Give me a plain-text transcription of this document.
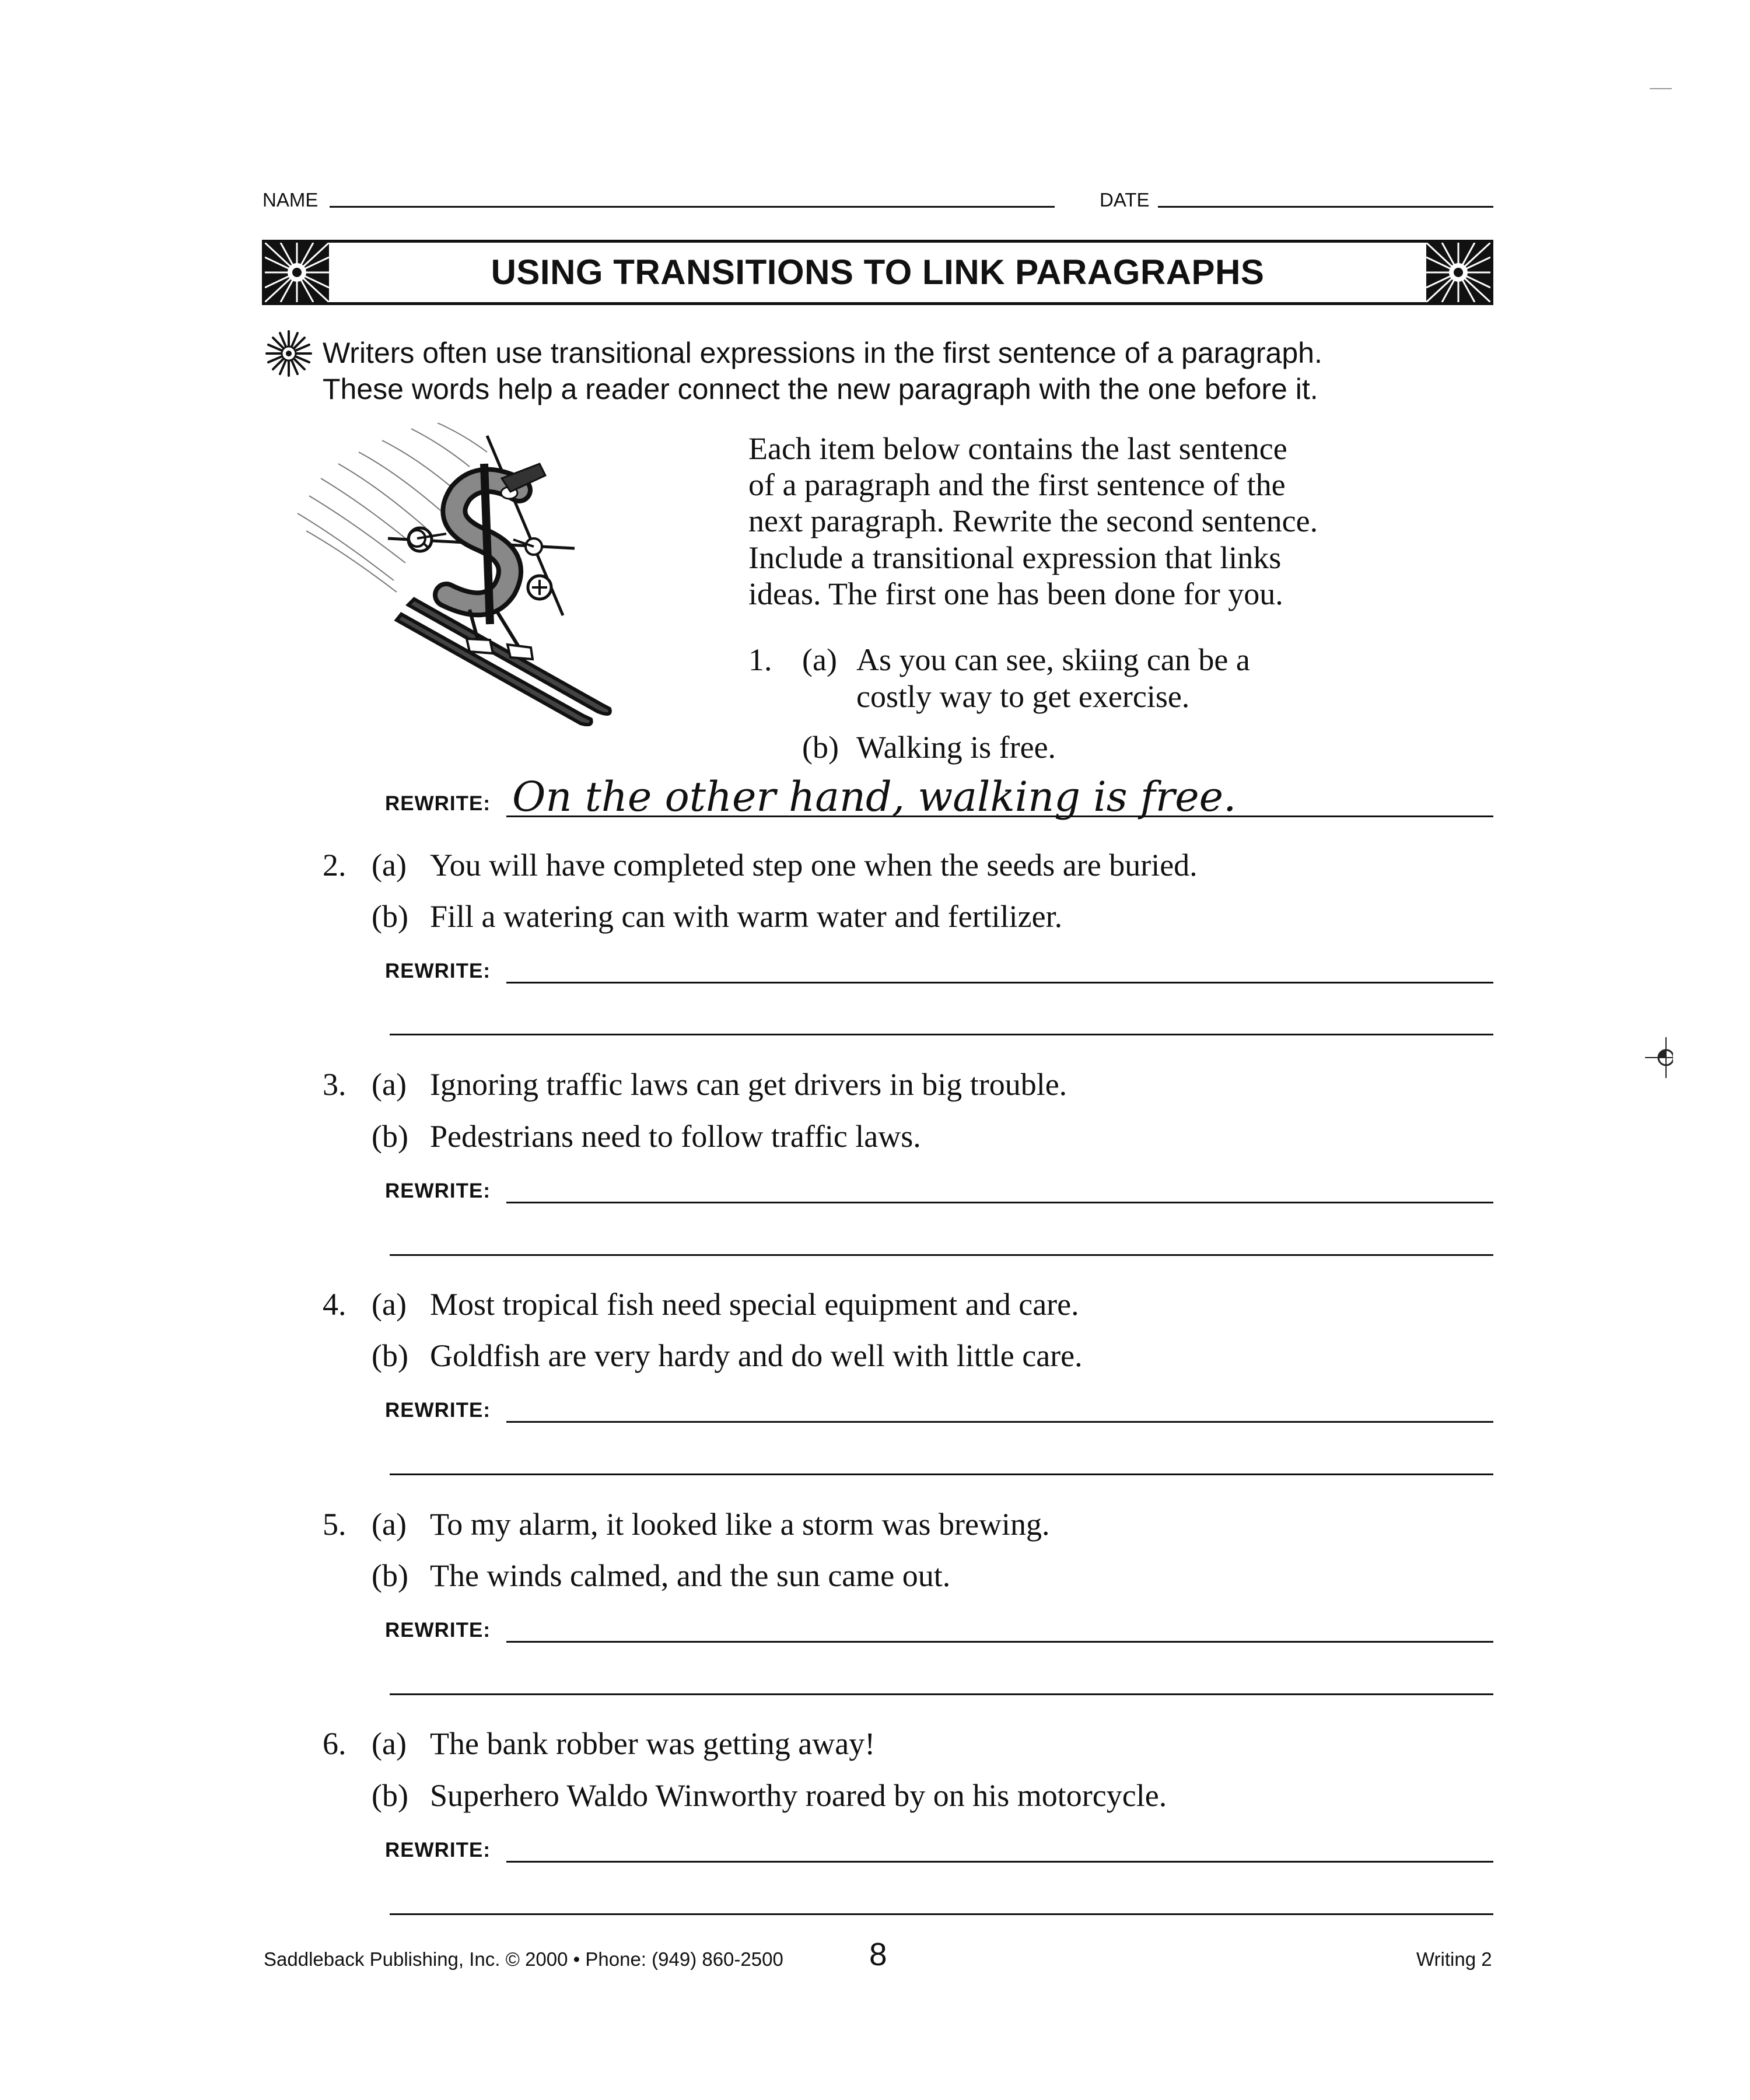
NAME	DATE
USING TRANSITIONS TO LINK PARAGRAPHS
Writers often use transitional expressions in the first sentence of a paragraph.
These words help a reader connect the new paragraph with the one before it.
Each item below contains the last sentence
of a paragraph and the first sentence of the
next paragraph. Rewrite the second sentence.
Include a transitional expression that links
ideas. The first one has been done for you.
1. (a) As you can see, skiing can be a
costly way to get exercise.
(b) Walking is free.
REWRITE: On the other hand, walking is free.
2. (a) You will have completed step one when the seeds are buried.
(b) Fill a watering can with warm water and fertilizer.
REWRITE:
3. (a) Ignoring traffic laws can get drivers in big trouble.
(b) Pedestrians need to follow traffic laws.
REWRITE:
4. (a) Most tropical fish need special equipment and care.
(b) Goldfish are very hardy and do well with little care.
REWRITE:
5. (a) To my alarm, it looked like a storm was brewing.
(b) The winds calmed, and the sun came out.
REWRITE:
6. (a) The bank robber was getting away!
(b) Superhero Waldo Winworthy roared by on his motorcycle.
REWRITE:
Saddleback Publishing, Inc. © 2000 • Phone: (949) 860-2500	8	Writing 2
